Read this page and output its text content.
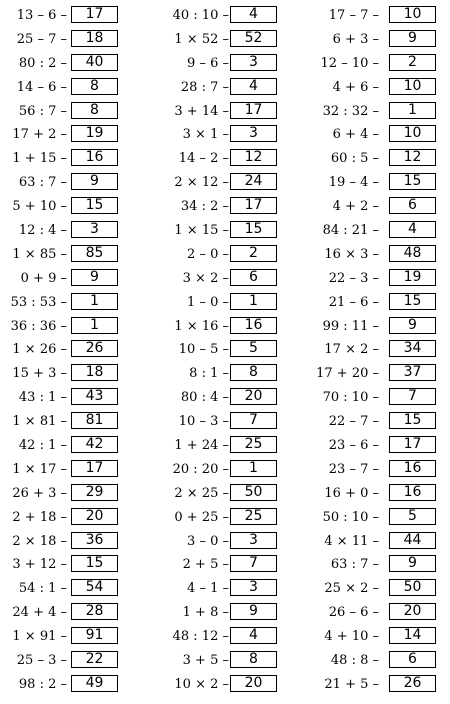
13 – 6 –	17
25 – 7 –	18
80 : 2 –	40
14 – 6 –	8
56 : 7 –	8
17 + 2 –	19
1 + 15 –	16
63 : 7 –	9
5 + 10 –	15
12 : 4 –	3
1 × 85 –	85
0 + 9 –	9
53 : 53 –	1
36 : 36 –	1
1 × 26 –	26
15 + 3 –	18
43 : 1 –	43
1 × 81 –	81
42 : 1 –	42
1 × 17 –	17
26 + 3 –	29
2 + 18 –	20
2 × 18 –	36
3 + 12 –	15
54 : 1 –	54
24 + 4 –	28
1 × 91 –	91
25 – 3 –	22
98 : 2 –	49
40 : 10 –	4
1 × 52 –	52
9 – 6 –	3
28 : 7 –	4
3 + 14 –	17
3 × 1 –	3
14 – 2 –	12
2 × 12 –	24
34 : 2 –	17
1 × 15 –	15
2 – 0 –	2
3 × 2 –	6
1 – 0 –	1
1 × 16 –	16
10 – 5 –	5
8 : 1 –	8
80 : 4 –	20
10 – 3 –	7
1 + 24 –	25
20 : 20 –	1
2 × 25 –	50
0 + 25 –	25
3 – 0 –	3
2 + 5 –	7
4 – 1 –	3
1 + 8 –	9
48 : 12 –	4
3 + 5 –	8
10 × 2 –	20
17 – 7 –	10
6 + 3 –	9
12 – 10 –	2
4 + 6 –	10
32 : 32 –	1
6 + 4 –	10
60 : 5 –	12
19 – 4 –	15
4 + 2 –	6
84 : 21 –	4
16 × 3 –	48
22 – 3 –	19
21 – 6 –	15
99 : 11 –	9
17 × 2 –	34
17 + 20 –	37
70 : 10 –	7
22 – 7 –	15
23 – 6 –	17
23 – 7 –	16
16 + 0 –	16
50 : 10 –	5
4 × 11 –	44
63 : 7 –	9
25 × 2 –	50
26 – 6 –	20
4 + 10 –	14
48 : 8 –	6
21 + 5 –	26
